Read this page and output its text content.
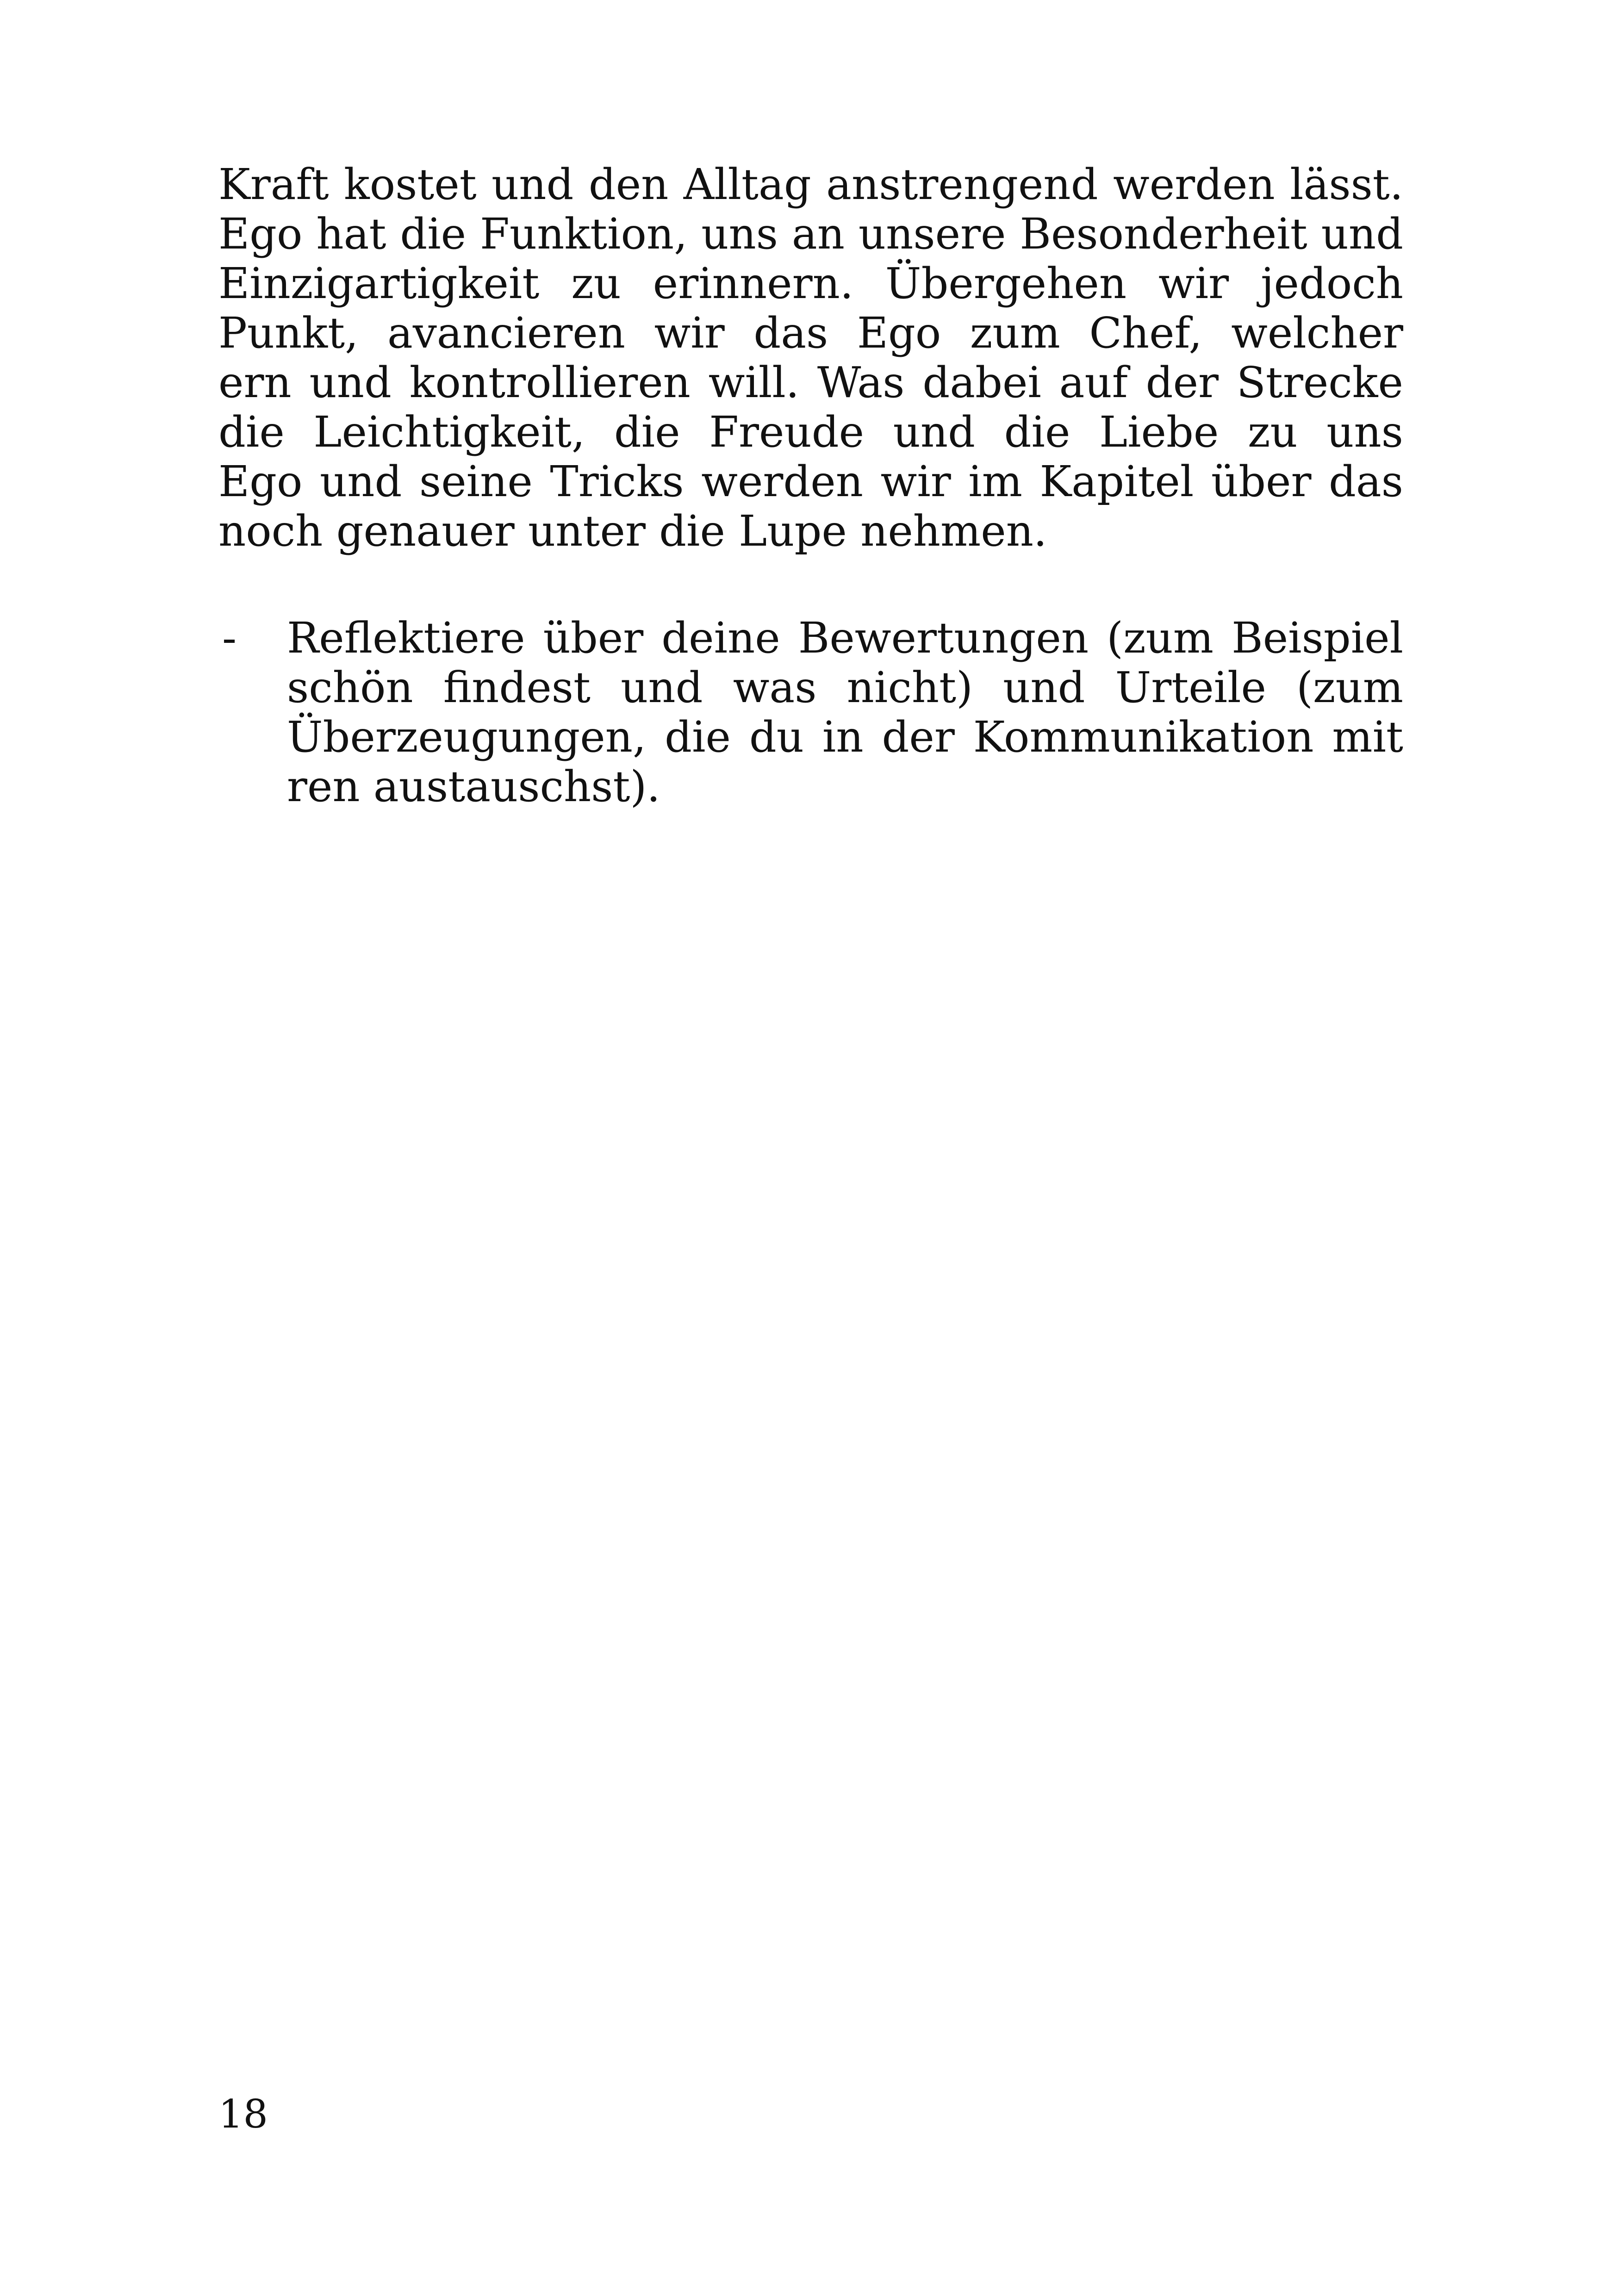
Kraft kostet und den Alltag anstrengend werden lässt.
Ego hat die Funktion, uns an unsere Besonderheit und
Einzigartigkeit zu erinnern. Übergehen wir jedoch
Punkt, avancieren wir das Ego zum Chef, welcher
ern und kontrollieren will. Was dabei auf der Strecke
die Leichtigkeit, die Freude und die Liebe zu uns
Ego und seine Tricks werden wir im Kapitel über das
noch genauer unter die Lupe nehmen.
-	Reflektiere über deine Bewertungen (zum Beispiel
schön findest und was nicht) und Urteile (zum
Überzeugungen, die du in der Kommunikation mit
ren austauschst).
18
